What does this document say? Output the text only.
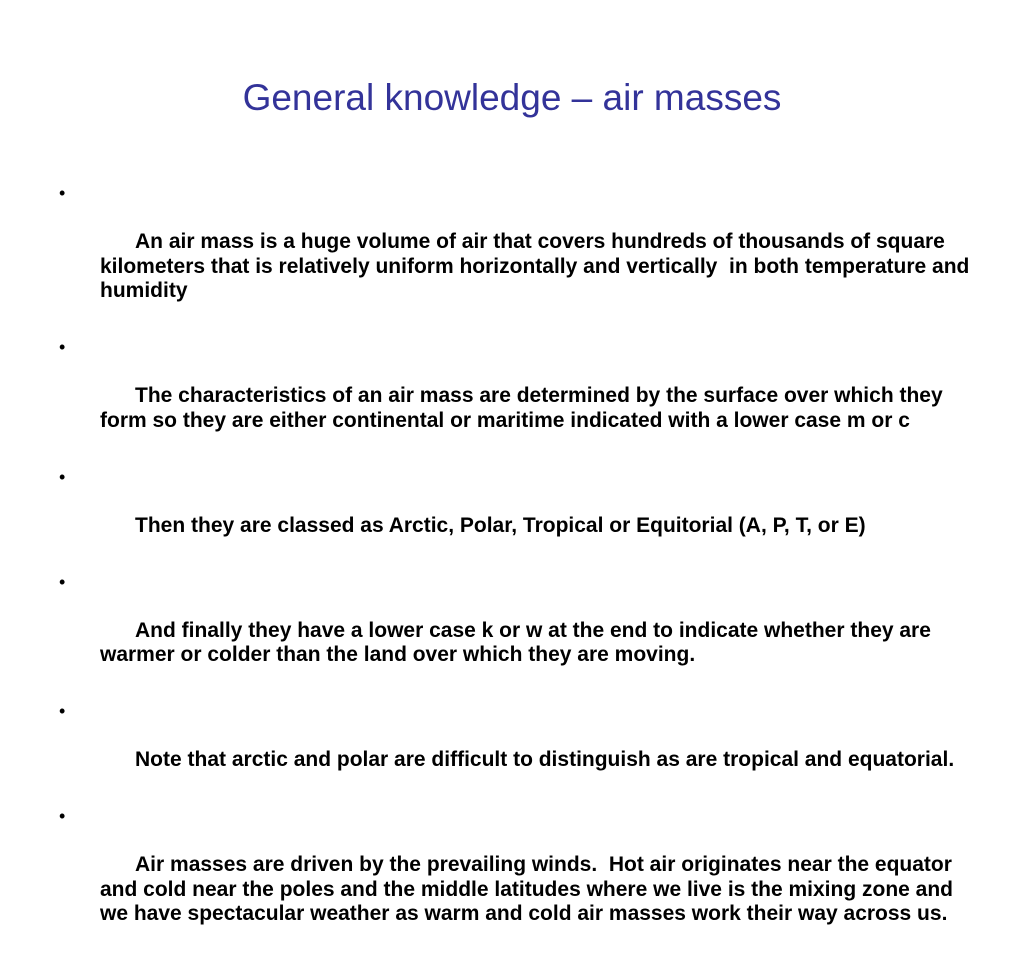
General knowledge – air masses

•

An air mass is a huge volume of air that covers hundreds of thousands of square kilometers that is relatively uniform horizontally and vertically  in both temperature and humidity

•

The characteristics of an air mass are determined by the surface over which they form so they are either continental or maritime indicated with a lower case m or c

•

Then they are classed as Arctic, Polar, Tropical or Equitorial (A, P, T, or E)

•

And finally they have a lower case k or w at the end to indicate whether they are warmer or colder than the land over which they are moving.

•

Note that arctic and polar are difficult to distinguish as are tropical and equatorial.

•

Air masses are driven by the prevailing winds.  Hot air originates near the equator and cold near the poles and the middle latitudes where we live is the mixing zone and we have spectacular weather as warm and cold air masses work their way across us.
